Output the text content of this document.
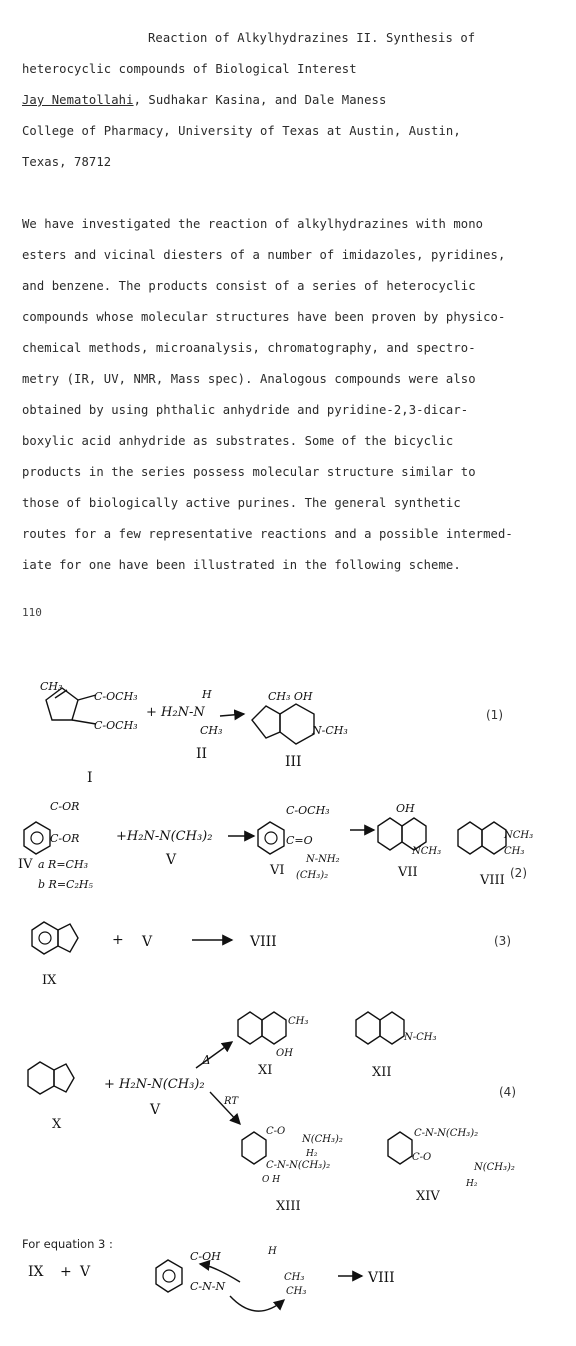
Reaction of Alkylhydrazines II. Synthesis of
heterocyclic compounds of Biological Interest
Jay Nematollahi, Sudhakar Kasina, and Dale Maness
College of Pharmacy, University of Texas at Austin, Austin,
Texas, 78712
We have investigated the reaction of alkylhydrazines with mono
esters and vicinal diesters of a number of imidazoles, pyridines,
and benzene. The products consist of a series of heterocyclic
compounds whose molecular structures have been proven by physico-
chemical methods, microanalysis, chromatography, and spectro-
metry (IR, UV, NMR, Mass spec). Analogous compounds were also
obtained by using phthalic anhydride and pyridine-2,3-dicar-
boxylic acid anhydride as substrates. Some of the bicyclic
products in the series possess molecular structure similar to
those of biologically active purines. The general synthetic
routes for a few representative reactions and a possible intermed-
iate for one have been illustrated in the following scheme.
110
(1)
(2)
(3)
(4)
For equation 3 :
CH₃
C-OCH₃
C-OCH₃
I
+ H₂N-N
H
CH₃
II
CH₃ OH
N-CH₃
III
C-OR
C-OR
IV a R=CH₃
b R=C₂H₅
+H₂N-N(CH₃)₂
V
C-OCH₃
C=O
N-NH₂
(CH₃)₂
VI
OH
NCH₃
VII
NCH₃
CH₃
VIII
IX
+ V	VIII
X
+ H₂N-N(CH₃)₂
V
Δ
RT
CH₃
OH
XI
N-CH₃
XII
C-O
N(CH₃)₂
H₂
C-N-N(CH₃)₂
O H
XIII
C-N-N(CH₃)₂
C-O
N(CH₃)₂
H₂
XIV
IX + V
C-OH	H
C-N-N
CH₃
CH₃
VIII
